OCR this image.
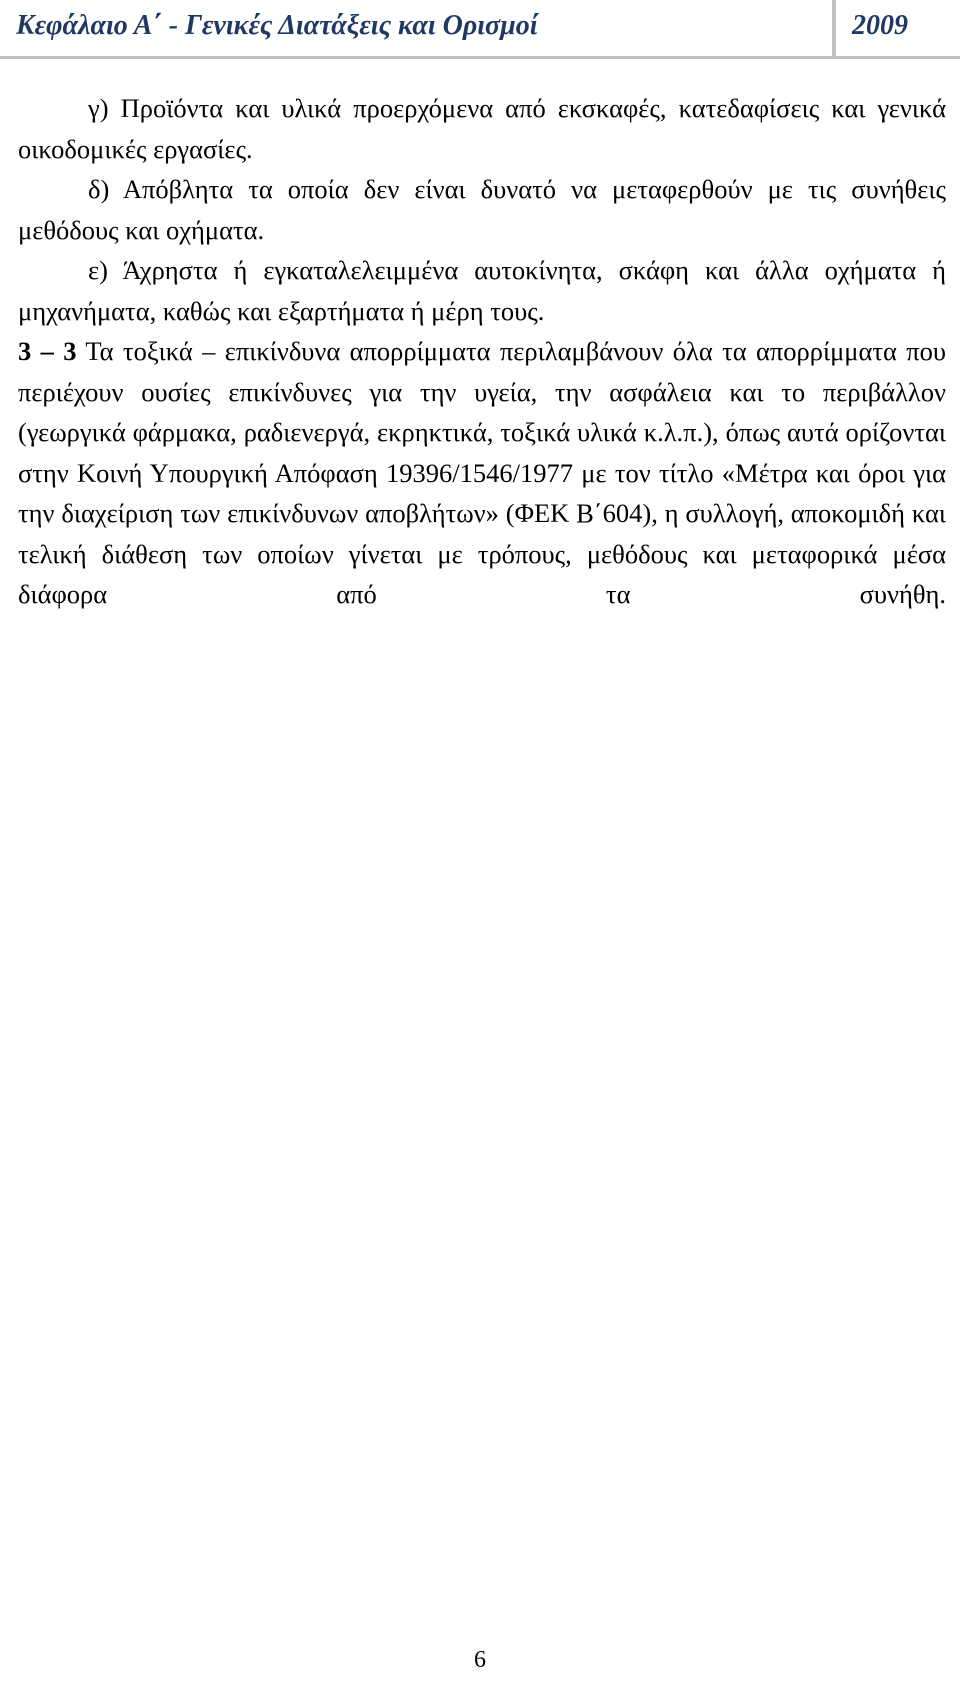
Κεφάλαιο Α΄ - Γενικές Διατάξεις και Ορισμοί	2009

γ) Προϊόντα και υλικά προερχόμενα από εκσκαφές, κατεδαφίσεις και γενικά οικοδομικές εργασίες.

δ) Απόβλητα τα οποία δεν είναι δυνατό να μεταφερθούν με τις συνήθεις μεθόδους και οχήματα.

ε) Άχρηστα ή εγκαταλελειμμένα αυτοκίνητα, σκάφη και άλλα οχήματα ή μηχανήματα, καθώς και εξαρτήματα ή μέρη τους.

3 – 3 Τα τοξικά – επικίνδυνα απορρίμματα περιλαμβάνουν όλα τα απορρίμματα που περιέχουν ουσίες επικίνδυνες για την υγεία, την ασφάλεια και το περιβάλλον (γεωργικά φάρμακα, ραδιενεργά, εκρηκτικά, τοξικά υλικά κ.λ.π.), όπως αυτά ορίζονται στην Κοινή Υπουργική Απόφαση 19396/1546/1977 με τον τίτλο «Μέτρα και όροι για την διαχείριση των επικίνδυνων αποβλήτων» (ΦΕΚ Β΄604), η συλλογή, αποκομιδή και τελική διάθεση των οποίων γίνεται με τρόπους, μεθόδους και μεταφορικά μέσα διάφορα από τα συνήθη.

6
